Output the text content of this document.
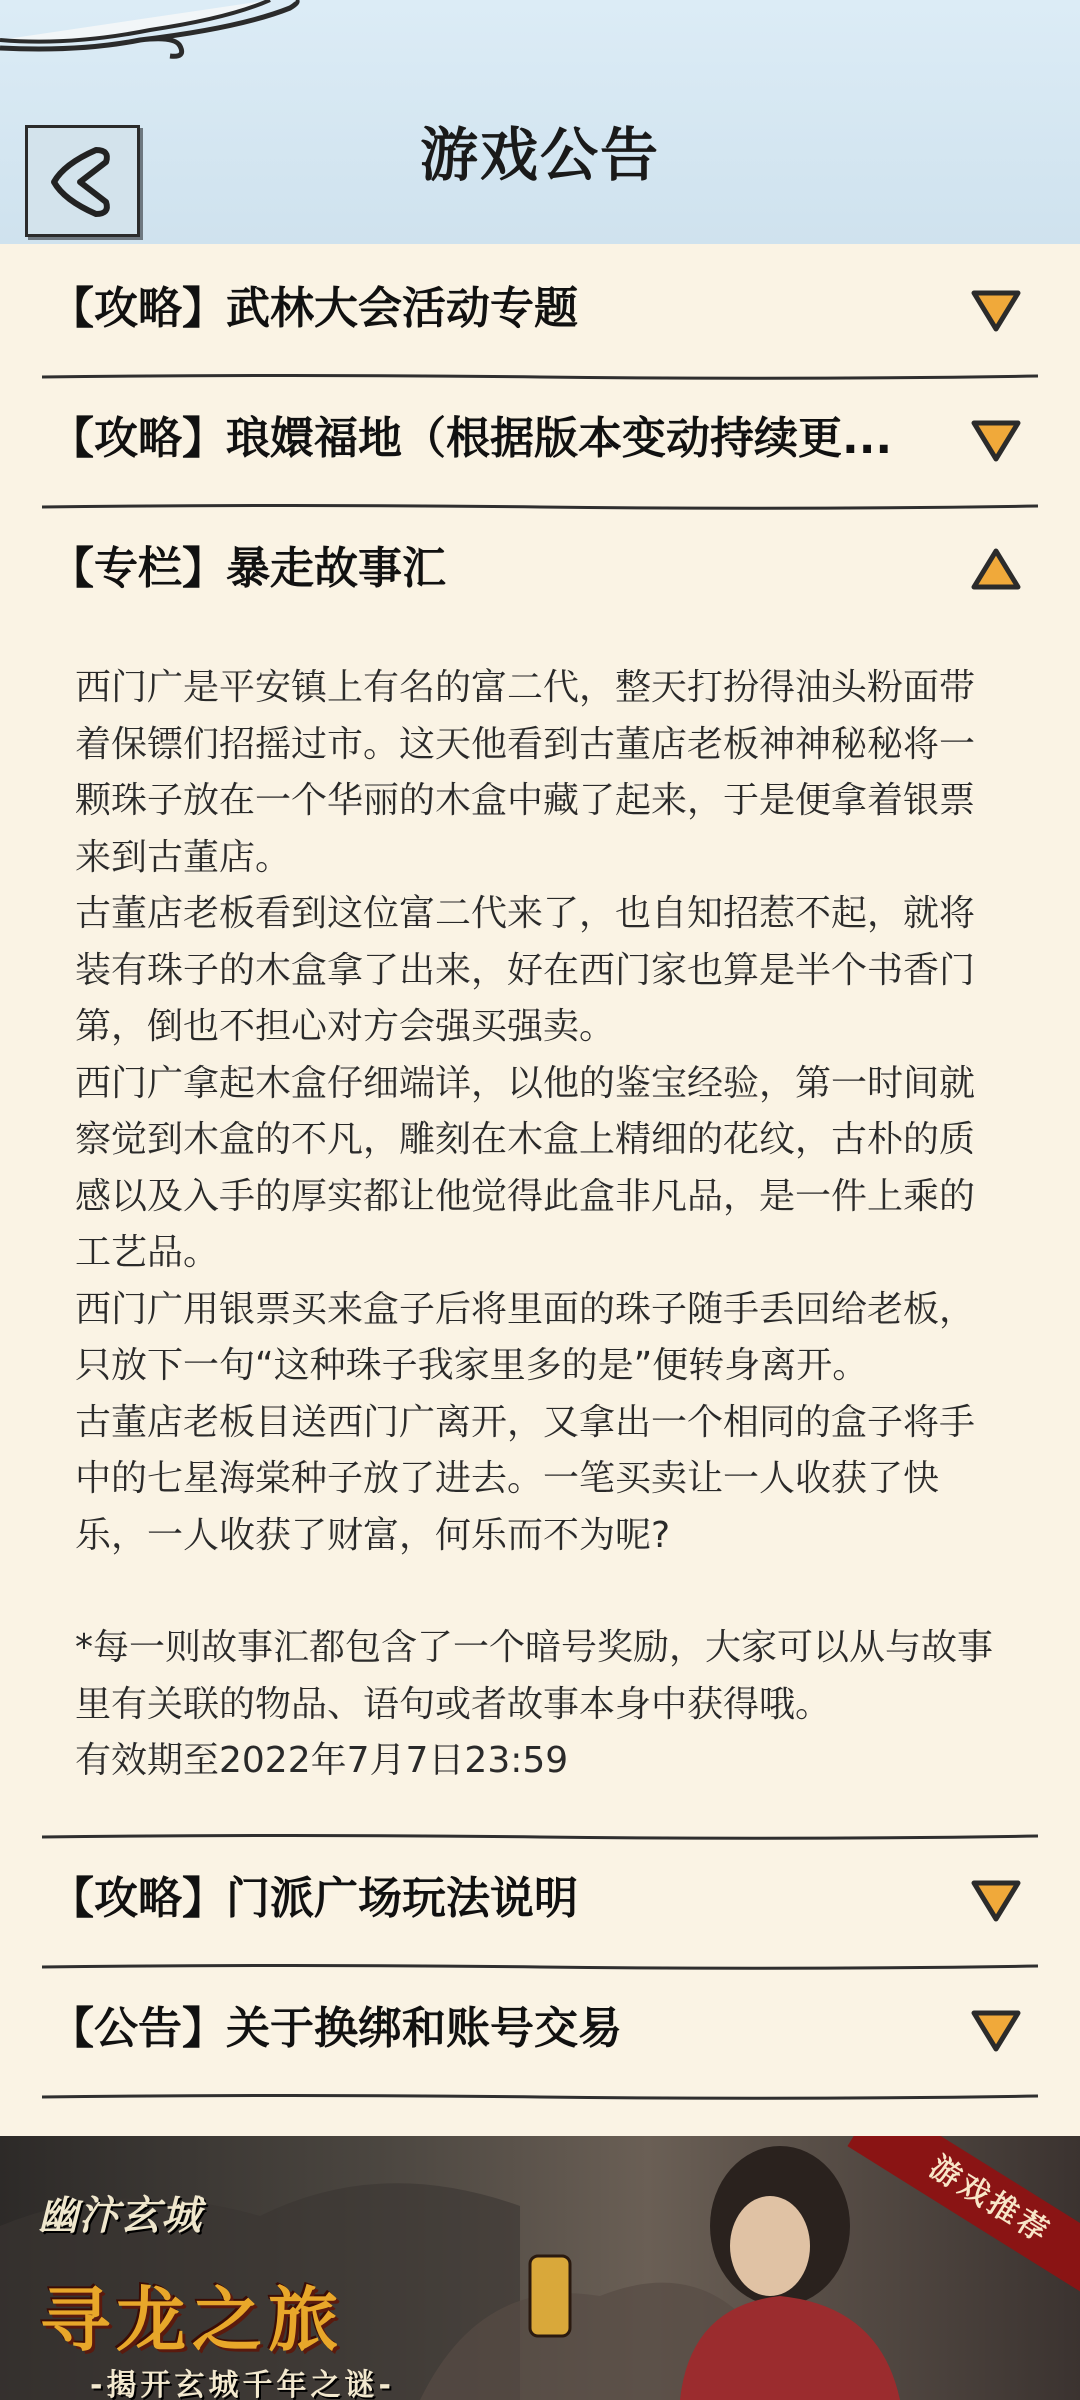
游戏公告
【攻略】武林大会活动专题
【攻略】琅嬛福地（根据版本变动持续更...
【专栏】暴走故事汇

西门广是平安镇上有名的富二代，整天打扮得油头粉面带着保镖们招摇过市。这天他看到古董店老板神神秘秘将一颗珠子放在一个华丽的木盒中藏了起来，于是便拿着银票来到古董店。

古董店老板看到这位富二代来了，也自知招惹不起，就将装有珠子的木盒拿了出来，好在西门家也算是半个书香门第，倒也不担心对方会强买强卖。

西门广拿起木盒仔细端详，以他的鉴宝经验，第一时间就察觉到木盒的不凡，雕刻在木盒上精细的花纹，古朴的质感以及入手的厚实都让他觉得此盒非凡品，是一件上乘的工艺品。

西门广用银票买来盒子后将里面的珠子随手丢回给老板，只放下一句“这种珠子我家里多的是”便转身离开。

古董店老板目送西门广离开，又拿出一个相同的盒子将手中的七星海棠种子放了进去。一笔买卖让一人收获了快乐，一人收获了财富，何乐而不为呢?

*每一则故事汇都包含了一个暗号奖励，大家可以从与故事里有关联的物品、语句或者故事本身中获得哦。

有效期至2022年7月7日23:59

【攻略】门派广场玩法说明
【公告】关于换绑和账号交易
游戏推荐
幽汴玄城
寻龙之旅
-揭开玄城千年之谜-
